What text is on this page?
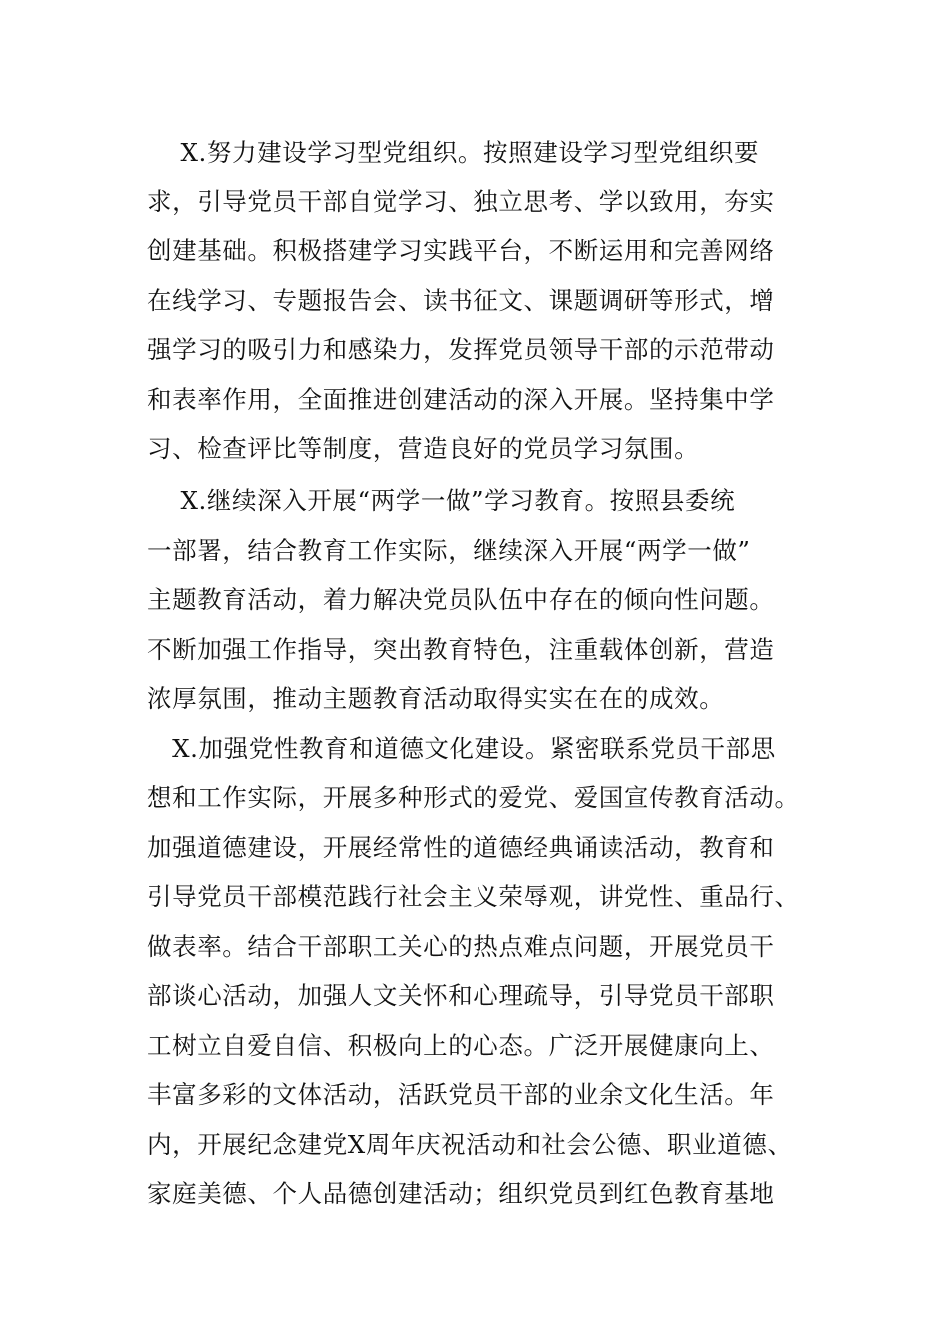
　 X.努力建设学习型党组织。按照建设学习型党组织要
求，引导党员干部自觉学习、独立思考、学以致用，夯实
创建基础。积极搭建学习实践平台，不断运用和完善网络
在线学习、专题报告会、读书征文、课题调研等形式，增
强学习的吸引力和感染力，发挥党员领导干部的示范带动
和表率作用，全面推进创建活动的深入开展。坚持集中学
习、检查评比等制度，营造良好的党员学习氛围。
　 X.继续深入开展“两学一做”学习教育。按照县委统
一部署，结合教育工作实际，继续深入开展“两学一做”
主题教育活动，着力解决党员队伍中存在的倾向性问题。
不断加强工作指导，突出教育特色，注重载体创新，营造
浓厚氛围，推动主题教育活动取得实实在在的成效。
　X.加强党性教育和道德文化建设。紧密联系党员干部思
想和工作实际，开展多种形式的爱党、爱国宣传教育活动。
加强道德建设，开展经常性的道德经典诵读活动，教育和
引导党员干部模范践行社会主义荣辱观，讲党性、重品行、
做表率。结合干部职工关心的热点难点问题，开展党员干
部谈心活动，加强人文关怀和心理疏导，引导党员干部职
工树立自爱自信、积极向上的心态。广泛开展健康向上、
丰富多彩的文体活动，活跃党员干部的业余文化生活。年
内，开展纪念建党X周年庆祝活动和社会公德、职业道德、
家庭美德、个人品德创建活动；组织党员到红色教育基地
